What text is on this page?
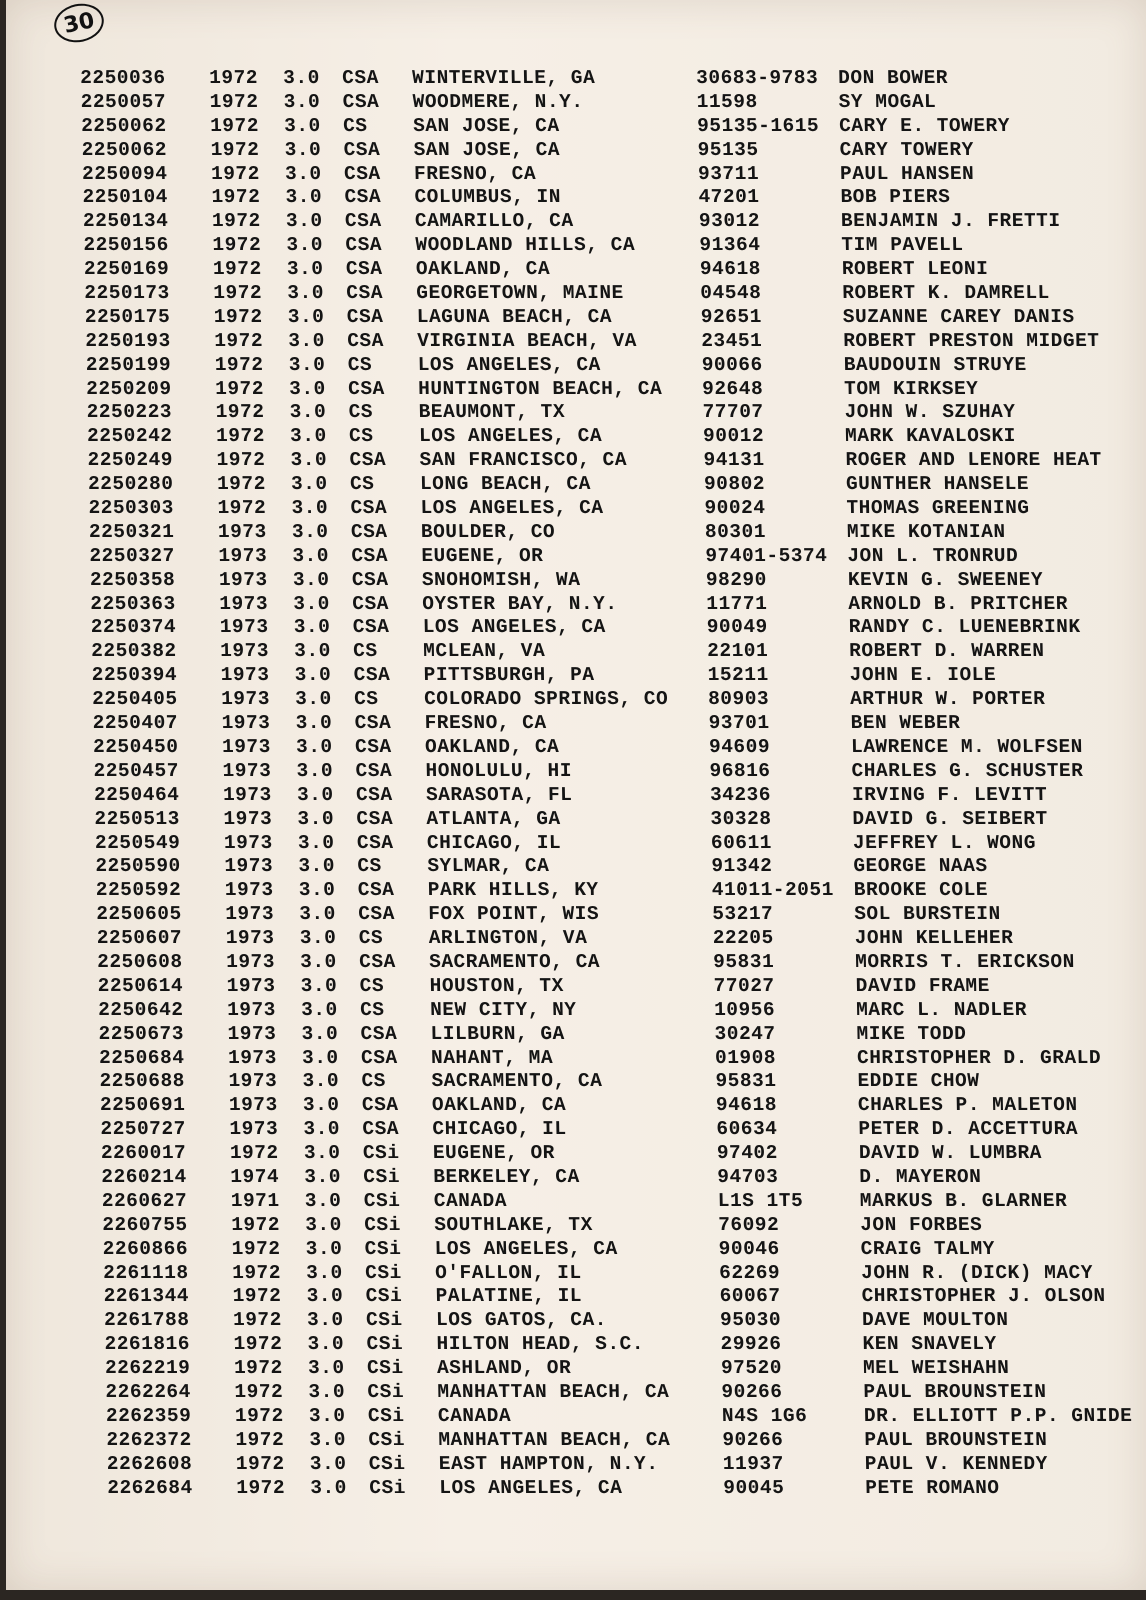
30
2250036 1972 3.0 CSA WINTERVILLE, GA	30683-9783 DON BOWER
2250057 1972 3.0 CSA WOODMERE, N.Y.	11598	SY MOGAL
2250062 1972 3.0 CS SAN JOSE, CA	95135-1615 CARY E. TOWERY
2250062 1972 3.0 CSA SAN JOSE, CA	95135	CARY TOWERY
2250094 1972 3.0 CSA FRESNO, CA	93711	PAUL HANSEN
2250104 1972 3.0 CSA COLUMBUS, IN	47201	BOB PIERS
2250134 1972 3.0 CSA CAMARILLO, CA	93012	BENJAMIN J. FRETTI
2250156 1972 3.0 CSA WOODLAND HILLS, CA	91364	TIM PAVELL
2250169 1972 3.0 CSA OAKLAND, CA	94618	ROBERT LEONI
2250173 1972 3.0 CSA GEORGETOWN, MAINE	04548	ROBERT K. DAMRELL
2250175 1972 3.0 CSA LAGUNA BEACH, CA	92651	SUZANNE CAREY DANIS
2250193 1972 3.0 CSA VIRGINIA BEACH, VA	23451	ROBERT PRESTON MIDGET
2250199 1972 3.0 CS LOS ANGELES, CA	90066	BAUDOUIN STRUYE
2250209 1972 3.0 CSA HUNTINGTON BEACH, CA 92648	TOM KIRKSEY
2250223 1972 3.0 CS BEAUMONT, TX	77707	JOHN W. SZUHAY
2250242 1972 3.0 CS LOS ANGELES, CA	90012	MARK KAVALOSKI
2250249 1972 3.0 CSA SAN FRANCISCO, CA	94131	ROGER AND LENORE HEAT
2250280 1972 3.0 CS LONG BEACH, CA	90802	GUNTHER HANSELE
2250303 1972 3.0 CSA LOS ANGELES, CA	90024	THOMAS GREENING
2250321 1973 3.0 CSA BOULDER, CO	80301	MIKE KOTANIAN
2250327 1973 3.0 CSA EUGENE, OR	97401-5374 JON L. TRONRUD
2250358 1973 3.0 CSA SNOHOMISH, WA	98290	KEVIN G. SWEENEY
2250363 1973 3.0 CSA OYSTER BAY, N.Y.	11771	ARNOLD B. PRITCHER
2250374 1973 3.0 CSA LOS ANGELES, CA	90049	RANDY C. LUENEBRINK
2250382 1973 3.0 CS MCLEAN, VA	22101	ROBERT D. WARREN
2250394 1973 3.0 CSA PITTSBURGH, PA	15211	JOHN E. IOLE
2250405 1973 3.0 CS COLORADO SPRINGS, CO 80903	ARTHUR W. PORTER
2250407 1973 3.0 CSA FRESNO, CA	93701	BEN WEBER
2250450 1973 3.0 CSA OAKLAND, CA	94609	LAWRENCE M. WOLFSEN
2250457 1973 3.0 CSA HONOLULU, HI	96816	CHARLES G. SCHUSTER
2250464 1973 3.0 CSA SARASOTA, FL	34236	IRVING F. LEVITT
2250513 1973 3.0 CSA ATLANTA, GA	30328	DAVID G. SEIBERT
2250549 1973 3.0 CSA CHICAGO, IL	60611	JEFFREY L. WONG
2250590 1973 3.0 CS SYLMAR, CA	91342	GEORGE NAAS
2250592 1973 3.0 CSA PARK HILLS, KY	41011-2051 BROOKE COLE
2250605 1973 3.0 CSA FOX POINT, WIS	53217	SOL BURSTEIN
2250607 1973 3.0 CS ARLINGTON, VA	22205	JOHN KELLEHER
2250608 1973 3.0 CSA SACRAMENTO, CA	95831	MORRIS T. ERICKSON
2250614 1973 3.0 CS HOUSTON, TX	77027	DAVID FRAME
2250642 1973 3.0 CS NEW CITY, NY	10956	MARC L. NADLER
2250673 1973 3.0 CSA LILBURN, GA	30247	MIKE TODD
2250684 1973 3.0 CSA NAHANT, MA	01908	CHRISTOPHER D. GRALD
2250688 1973 3.0 CS SACRAMENTO, CA	95831	EDDIE CHOW
2250691 1973 3.0 CSA OAKLAND, CA	94618	CHARLES P. MALETON
2250727 1973 3.0 CSA CHICAGO, IL	60634	PETER D. ACCETTURA
2260017 1972 3.0 CSi EUGENE, OR	97402	DAVID W. LUMBRA
2260214 1974 3.0 CSi BERKELEY, CA	94703	D. MAYERON
2260627 1971 3.0 CSi CANADA	L1S 1T5	MARKUS B. GLARNER
2260755 1972 3.0 CSi SOUTHLAKE, TX	76092	JON FORBES
2260866 1972 3.0 CSi LOS ANGELES, CA	90046	CRAIG TALMY
2261118 1972 3.0 CSi O'FALLON, IL	62269	JOHN R. (DICK) MACY
2261344 1972 3.0 CSi PALATINE, IL	60067	CHRISTOPHER J. OLSON
2261788 1972 3.0 CSi LOS GATOS, CA.	95030	DAVE MOULTON
2261816 1972 3.0 CSi HILTON HEAD, S.C.	29926	KEN SNAVELY
2262219 1972 3.0 CSi ASHLAND, OR	97520	MEL WEISHAHN
2262264 1972 3.0 CSi MANHATTAN BEACH, CA	90266	PAUL BROUNSTEIN
2262359 1972 3.0 CSi CANADA	N4S 1G6	DR. ELLIOTT P.P. GNIDE
2262372 1972 3.0 CSi MANHATTAN BEACH, CA	90266	PAUL BROUNSTEIN
2262608 1972 3.0 CSi EAST HAMPTON, N.Y.	11937	PAUL V. KENNEDY
2262684 1972 3.0 CSi LOS ANGELES, CA	90045	PETE ROMANO
